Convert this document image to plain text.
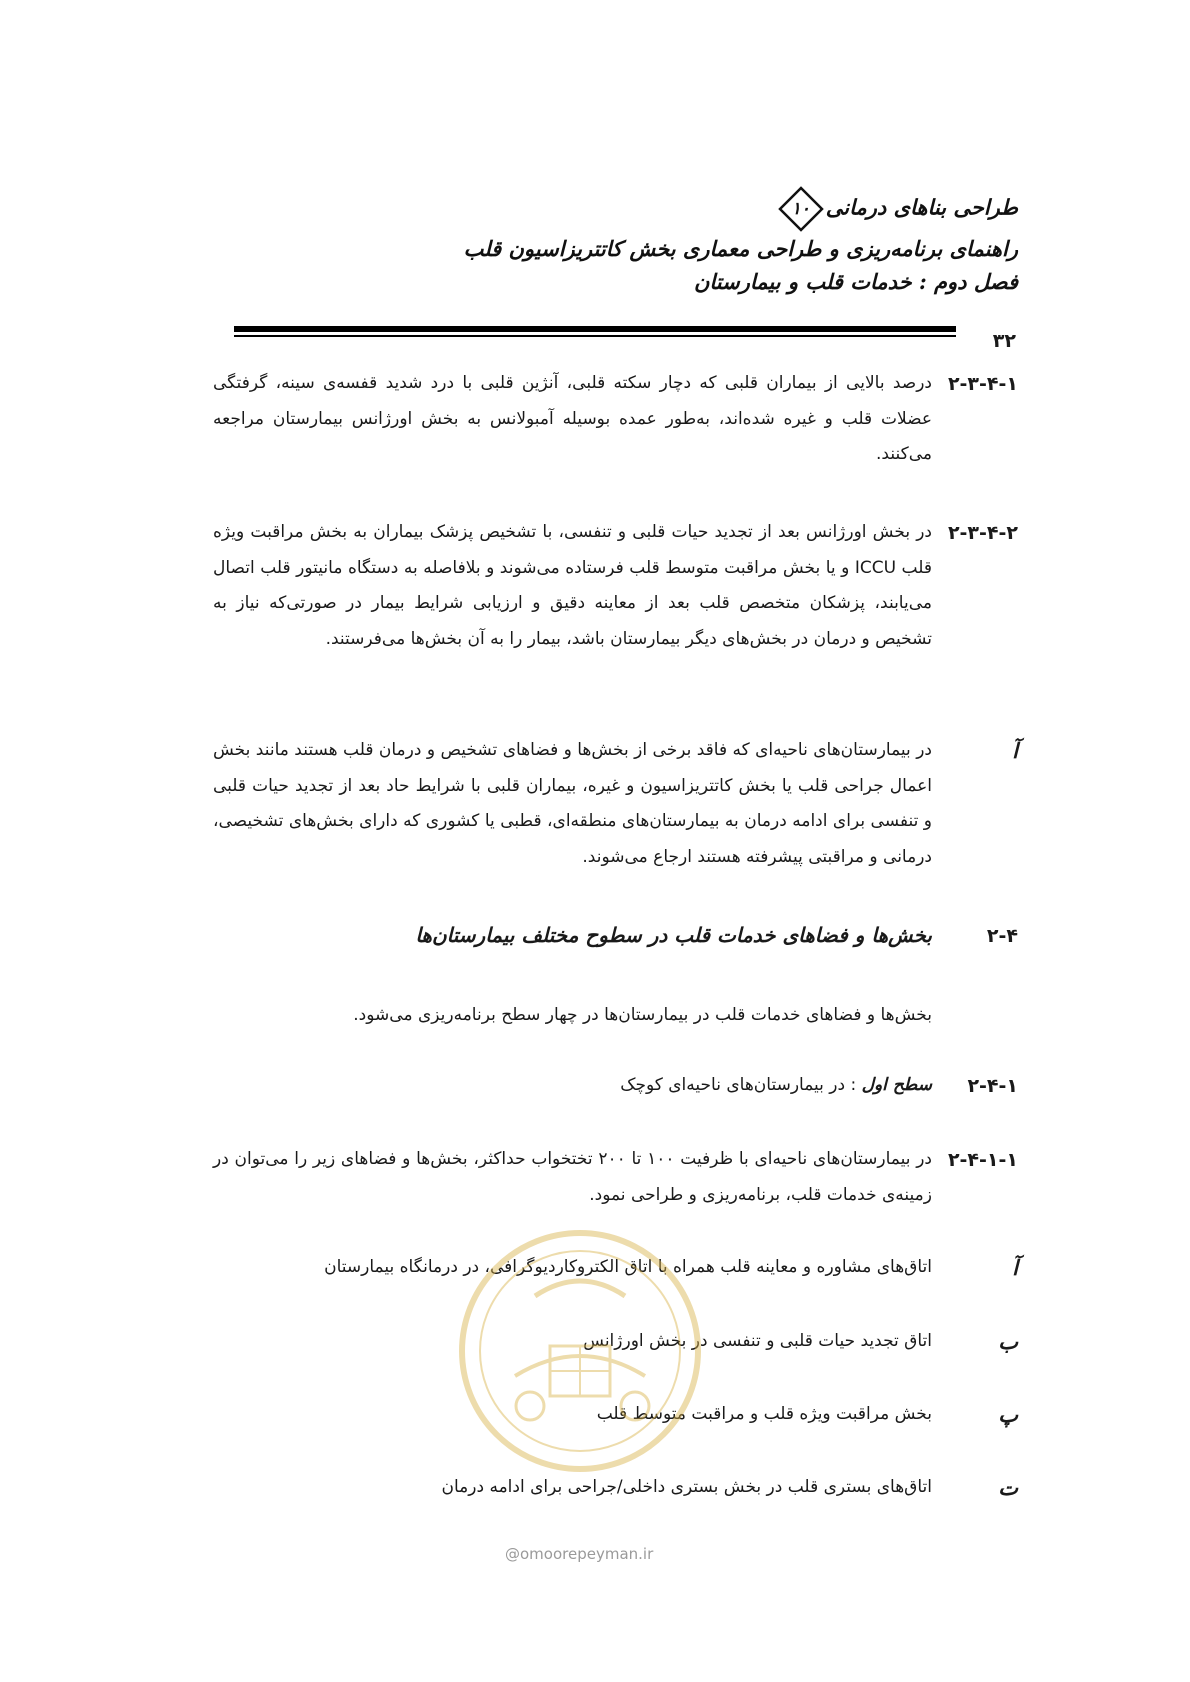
طراحی بناهای درمانی
۱۰
راهنمای برنامه‌ریزی و طراحی معماری بخش کاتتریزاسیون قلب
فصل دوم : خدمات قلب و بیمارستان
۳۲
۲-۳-۴-۱
درصد بالایی از بیماران قلبی که دچار سکته قلبی، آنژین قلبی با درد شدید قفسه‌ی سینه، گرفتگی عضلات قلب و غیره شده‌اند، به‌طور عمده بوسیله آمبولانس به بخش اورژانس بیمارستان مراجعه می‌کنند.
۲-۳-۴-۲
در بخش اورژانس بعد از تجدید حیات قلبی و تنفسی، با تشخیص پزشک بیماران به بخش مراقبت ویژه قلب ICCU و یا بخش مراقبت متوسط قلب فرستاده می‌شوند و بلافاصله به دستگاه مانیتور قلب اتصال می‌یابند، پزشکان متخصص قلب بعد از معاینه دقیق و ارزیابی شرایط بیمار در صورتی‌که نیاز به تشخیص و درمان در بخش‌های دیگر بیمارستان باشد، بیمار را به آن بخش‌ها می‌فرستند.
آ
در بیمارستان‌های ناحیه‌ای که فاقد برخی از بخش‌ها و فضاهای تشخیص و درمان قلب هستند مانند بخش اعمال جراحی قلب یا بخش کاتتریزاسیون و غیره، بیماران قلبی با شرایط حاد بعد از تجدید حیات قلبی و تنفسی برای ادامه درمان به بیمارستان‌های منطقه‌ای، قطبی یا کشوری که دارای بخش‌های تشخیصی، درمانی و مراقبتی پیشرفته هستند ارجاع می‌شوند.
۲-۴
بخش‌ها و فضاهای خدمات قلب در سطوح مختلف بیمارستان‌ها
بخش‌ها و فضاهای خدمات قلب در بیمارستان‌ها در چهار سطح برنامه‌ریزی می‌شود.
۲-۴-۱
سطح اول : در بیمارستان‌های ناحیه‌ای کوچک
۲-۴-۱-۱
در بیمارستان‌های ناحیه‌ای با ظرفیت ۱۰۰ تا ۲۰۰ تختخواب حداکثر، بخش‌ها و فضاهای زیر را می‌توان در زمینه‌ی خدمات قلب، برنامه‌ریزی و طراحی نمود.
آ
اتاق‌های مشاوره و معاینه قلب همراه با اتاق الکتروکاردیوگرافی، در درمانگاه بیمارستان
ب
اتاق تجدید حیات قلبی و تنفسی در بخش اورژانس
پ
بخش مراقبت ویژه قلب و مراقبت متوسط قلب
ت
اتاق‌های بستری قلب در بخش بستری داخلی/جراحی برای ادامه درمان
@omoorepeyman.ir
